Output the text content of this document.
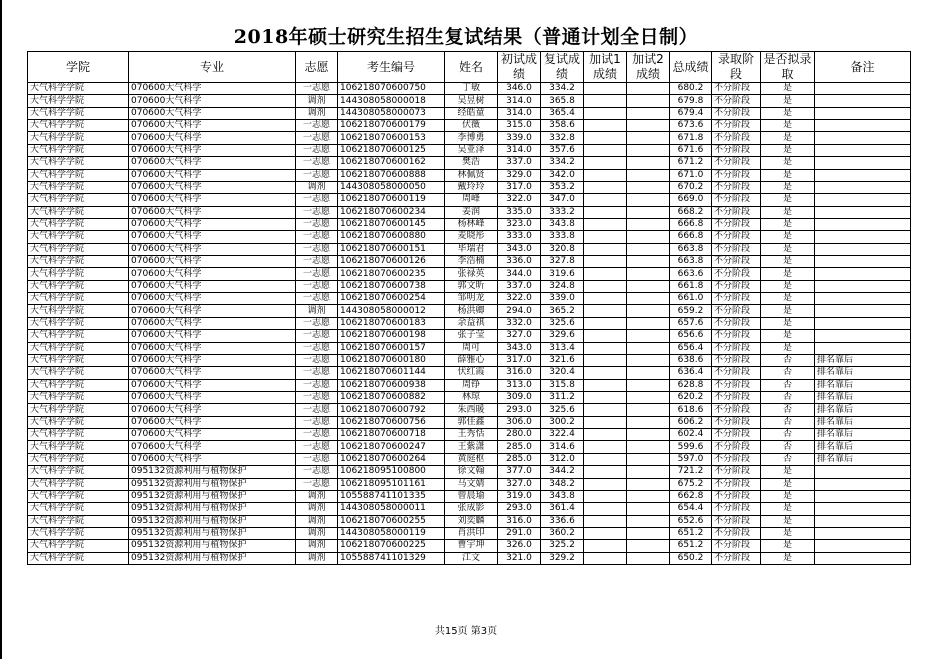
2018年硕士研究生招生复试结果（普通计划全日制）
学院	专业	志愿	考生编号	姓名	初试成绩	复试成绩	加试1成绩	加试2成绩	总成绩	录取阶段	是否拟录取	备注
大气科学学院	070600大气科学	一志愿	106218070600750	丁敏	346.0	334.2			680.2	不分阶段	是	
大气科学学院	070600大气科学	调剂	144308058000018	吴昱树	314.0	365.8			679.8	不分阶段	是	
大气科学学院	070600大气科学	调剂	144308058000073	经皓童	314.0	365.4			679.4	不分阶段	是	
大气科学学院	070600大气科学	一志愿	106218070600179	伏薇	315.0	358.6			673.6	不分阶段	是	
大气科学学院	070600大气科学	一志愿	106218070600153	李博勇	339.0	332.8			671.8	不分阶段	是	
大气科学学院	070600大气科学	一志愿	106218070600125	吴亚泽	314.0	357.6			671.6	不分阶段	是	
大气科学学院	070600大气科学	一志愿	106218070600162	樊浩	337.0	334.2			671.2	不分阶段	是	
大气科学学院	070600大气科学	一志愿	106218070600888	林佩贤	329.0	342.0			671.0	不分阶段	是	
大气科学学院	070600大气科学	调剂	144308058000050	戴玲玲	317.0	353.2			670.2	不分阶段	是	
大气科学学院	070600大气科学	一志愿	106218070600119	周峰	322.0	347.0			669.0	不分阶段	是	
大气科学学院	070600大气科学	一志愿	106218070600234	姜润	335.0	333.2			668.2	不分阶段	是	
大气科学学院	070600大气科学	一志愿	106218070600145	杨林峰	323.0	343.8			666.8	不分阶段	是	
大气科学学院	070600大气科学	一志愿	106218070600880	麦晓彤	333.0	333.8			666.8	不分阶段	是	
大气科学学院	070600大气科学	一志愿	106218070600151	毕瑞君	343.0	320.8			663.8	不分阶段	是	
大气科学学院	070600大气科学	一志愿	106218070600126	李浩楠	336.0	327.8			663.8	不分阶段	是	
大气科学学院	070600大气科学	一志愿	106218070600235	张禄英	344.0	319.6			663.6	不分阶段	是	
大气科学学院	070600大气科学	一志愿	106218070600738	郭文昕	337.0	324.8			661.8	不分阶段	是	
大气科学学院	070600大气科学	一志愿	106218070600254	邹明龙	322.0	339.0			661.0	不分阶段	是	
大气科学学院	070600大气科学	调剂	144308058000012	杨洪卿	294.0	365.2			659.2	不分阶段	是	
大气科学学院	070600大气科学	一志愿	106218070600183	余益祺	332.0	325.6			657.6	不分阶段	是	
大气科学学院	070600大气科学	一志愿	106218070600198	张子莹	327.0	329.6			656.6	不分阶段	是	
大气科学学院	070600大气科学	一志愿	106218070600157	周可	343.0	313.4			656.4	不分阶段	是	
大气科学学院	070600大气科学	一志愿	106218070600180	薛雅心	317.0	321.6			638.6	不分阶段	否	排名靠后
大气科学学院	070600大气科学	一志愿	106218070601144	伏红霞	316.0	320.4			636.4	不分阶段	否	排名靠后
大气科学学院	070600大气科学	一志愿	106218070600938	周铮	313.0	315.8			628.8	不分阶段	否	排名靠后
大气科学学院	070600大气科学	一志愿	106218070600882	林琼	309.0	311.2			620.2	不分阶段	否	排名靠后
大气科学学院	070600大气科学	一志愿	106218070600792	朱西暖	293.0	325.6			618.6	不分阶段	否	排名靠后
大气科学学院	070600大气科学	一志愿	106218070600756	郭佳鑫	306.0	300.2			606.2	不分阶段	否	排名靠后
大气科学学院	070600大气科学	一志愿	106218070600718	王秀恬	280.0	322.4			602.4	不分阶段	否	排名靠后
大气科学学院	070600大气科学	一志愿	106218070600247	王紫潇	285.0	314.6			599.6	不分阶段	否	排名靠后
大气科学学院	070600大气科学	一志愿	106218070600264	黄庭枢	285.0	312.0			597.0	不分阶段	否	排名靠后
大气科学学院	095132资源利用与植物保护	一志愿	106218095100800	徐文翰	377.0	344.2			721.2	不分阶段	是	
大气科学学院	095132资源利用与植物保护	一志愿	106218095101161	马文婧	327.0	348.2			675.2	不分阶段	是	
大气科学学院	095132资源利用与植物保护	调剂	105588741101335	曾晨瑜	319.0	343.8			662.8	不分阶段	是	
大气科学学院	095132资源利用与植物保护	调剂	144308058000011	张成影	293.0	361.4			654.4	不分阶段	是	
大气科学学院	095132资源利用与植物保护	调剂	106218070600255	刘奕麟	316.0	336.6			652.6	不分阶段	是	
大气科学学院	095132资源利用与植物保护	调剂	144308058000119	肖洪印	291.0	360.2			651.2	不分阶段	是	
大气科学学院	095132资源利用与植物保护	调剂	106218070600225	曹宇坤	326.0	325.2			651.2	不分阶段	是	
大气科学学院	095132资源利用与植物保护	调剂	105588741101329	江文	321.0	329.2			650.2	不分阶段	是	
共15页 第3页
